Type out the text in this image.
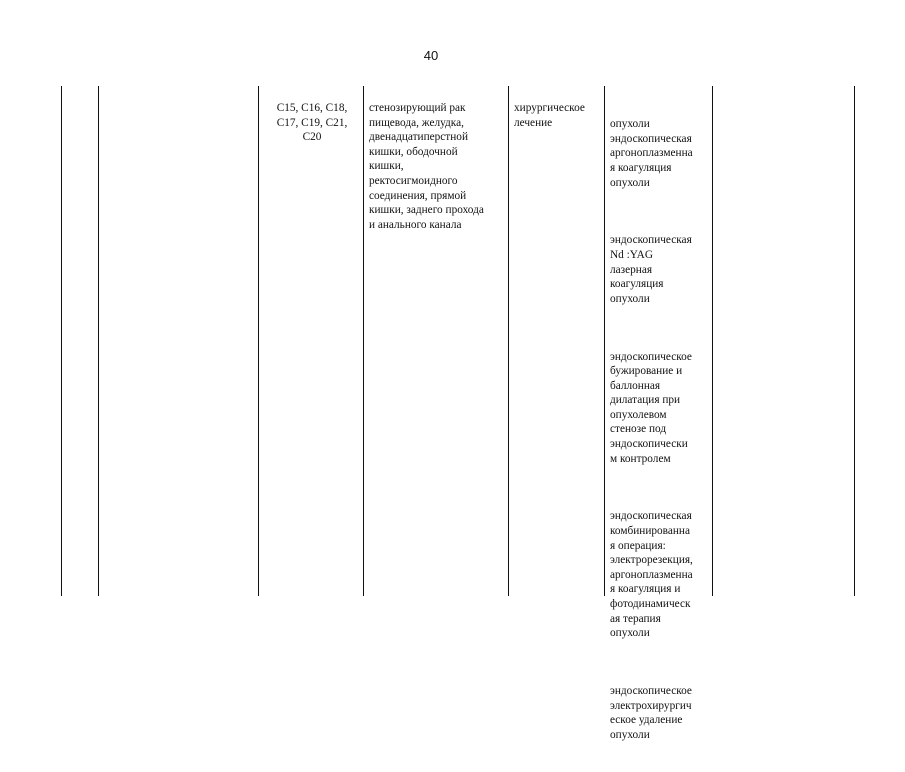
40
C15, C16, C18,
C17, C19, C21,
C20
стенозирующий рак
пищевода, желудка,
двенадцатиперстной
кишки, ободочной
кишки,
ректосигмоидного
соединения, прямой
кишки, заднего прохода
и анального канала
хирургическое
лечение

	опухоли
эндоскопическая
аргоноплазменна
я коагуляция
опухоли

эндоскопическая
Nd :YAG
лазерная
коагуляция
опухоли

эндоскопическое
бужирование и
баллонная
дилатация при
опухолевом
стенозе под
эндоскопически
м контролем

эндоскопическая
комбинированна
я операция:
электрорезекция,
аргоноплазменна
я коагуляция и
фотодинамическ
ая терапия
опухоли

эндоскопическое
электрохирургич
еское удаление
опухоли
